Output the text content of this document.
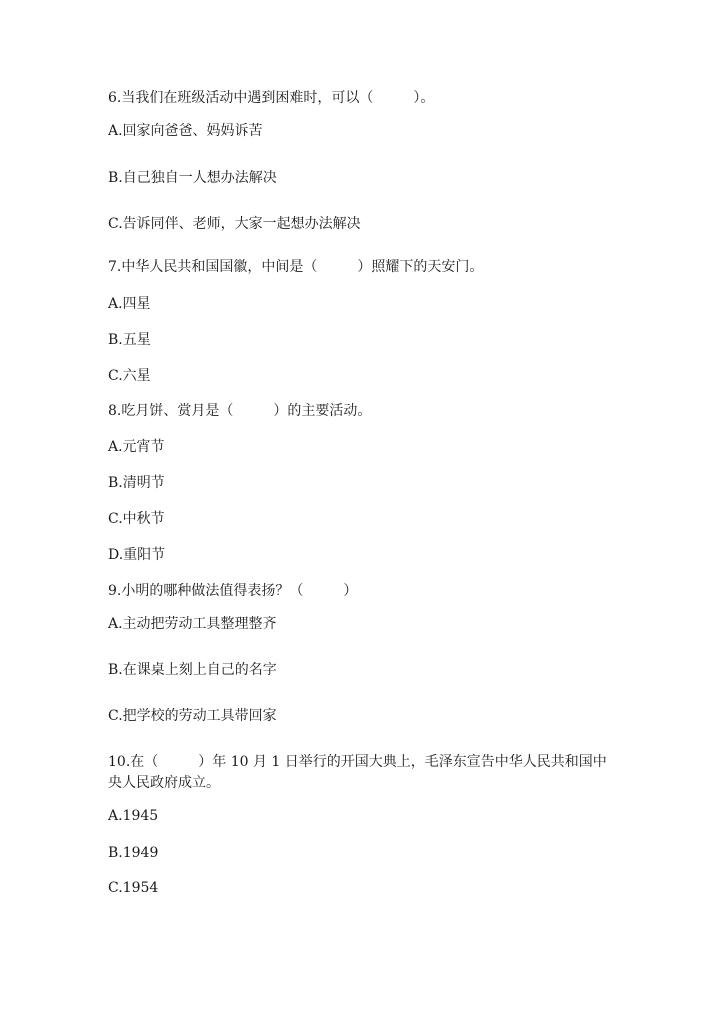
6.当我们在班级活动中遇到困难时，可以（	）。
A.回家向爸爸、妈妈诉苦
B.自己独自一人想办法解决
C.告诉同伴、老师，大家一起想办法解决
7.中华人民共和国国徽，中间是（	）照耀下的天安门。
A.四星
B.五星
C.六星
8.吃月饼、赏月是（	）的主要活动。
A.元宵节
B.清明节
C.中秋节
D.重阳节
9.小明的哪种做法值得表扬？（	）
A.主动把劳动工具整理整齐
B.在课桌上刻上自己的名字
C.把学校的劳动工具带回家
10.在（	）年 10 月 1 日举行的开国大典上，毛泽东宣告中华人民共和国中
央人民政府成立。
A.1945
B.1949
C.1954
